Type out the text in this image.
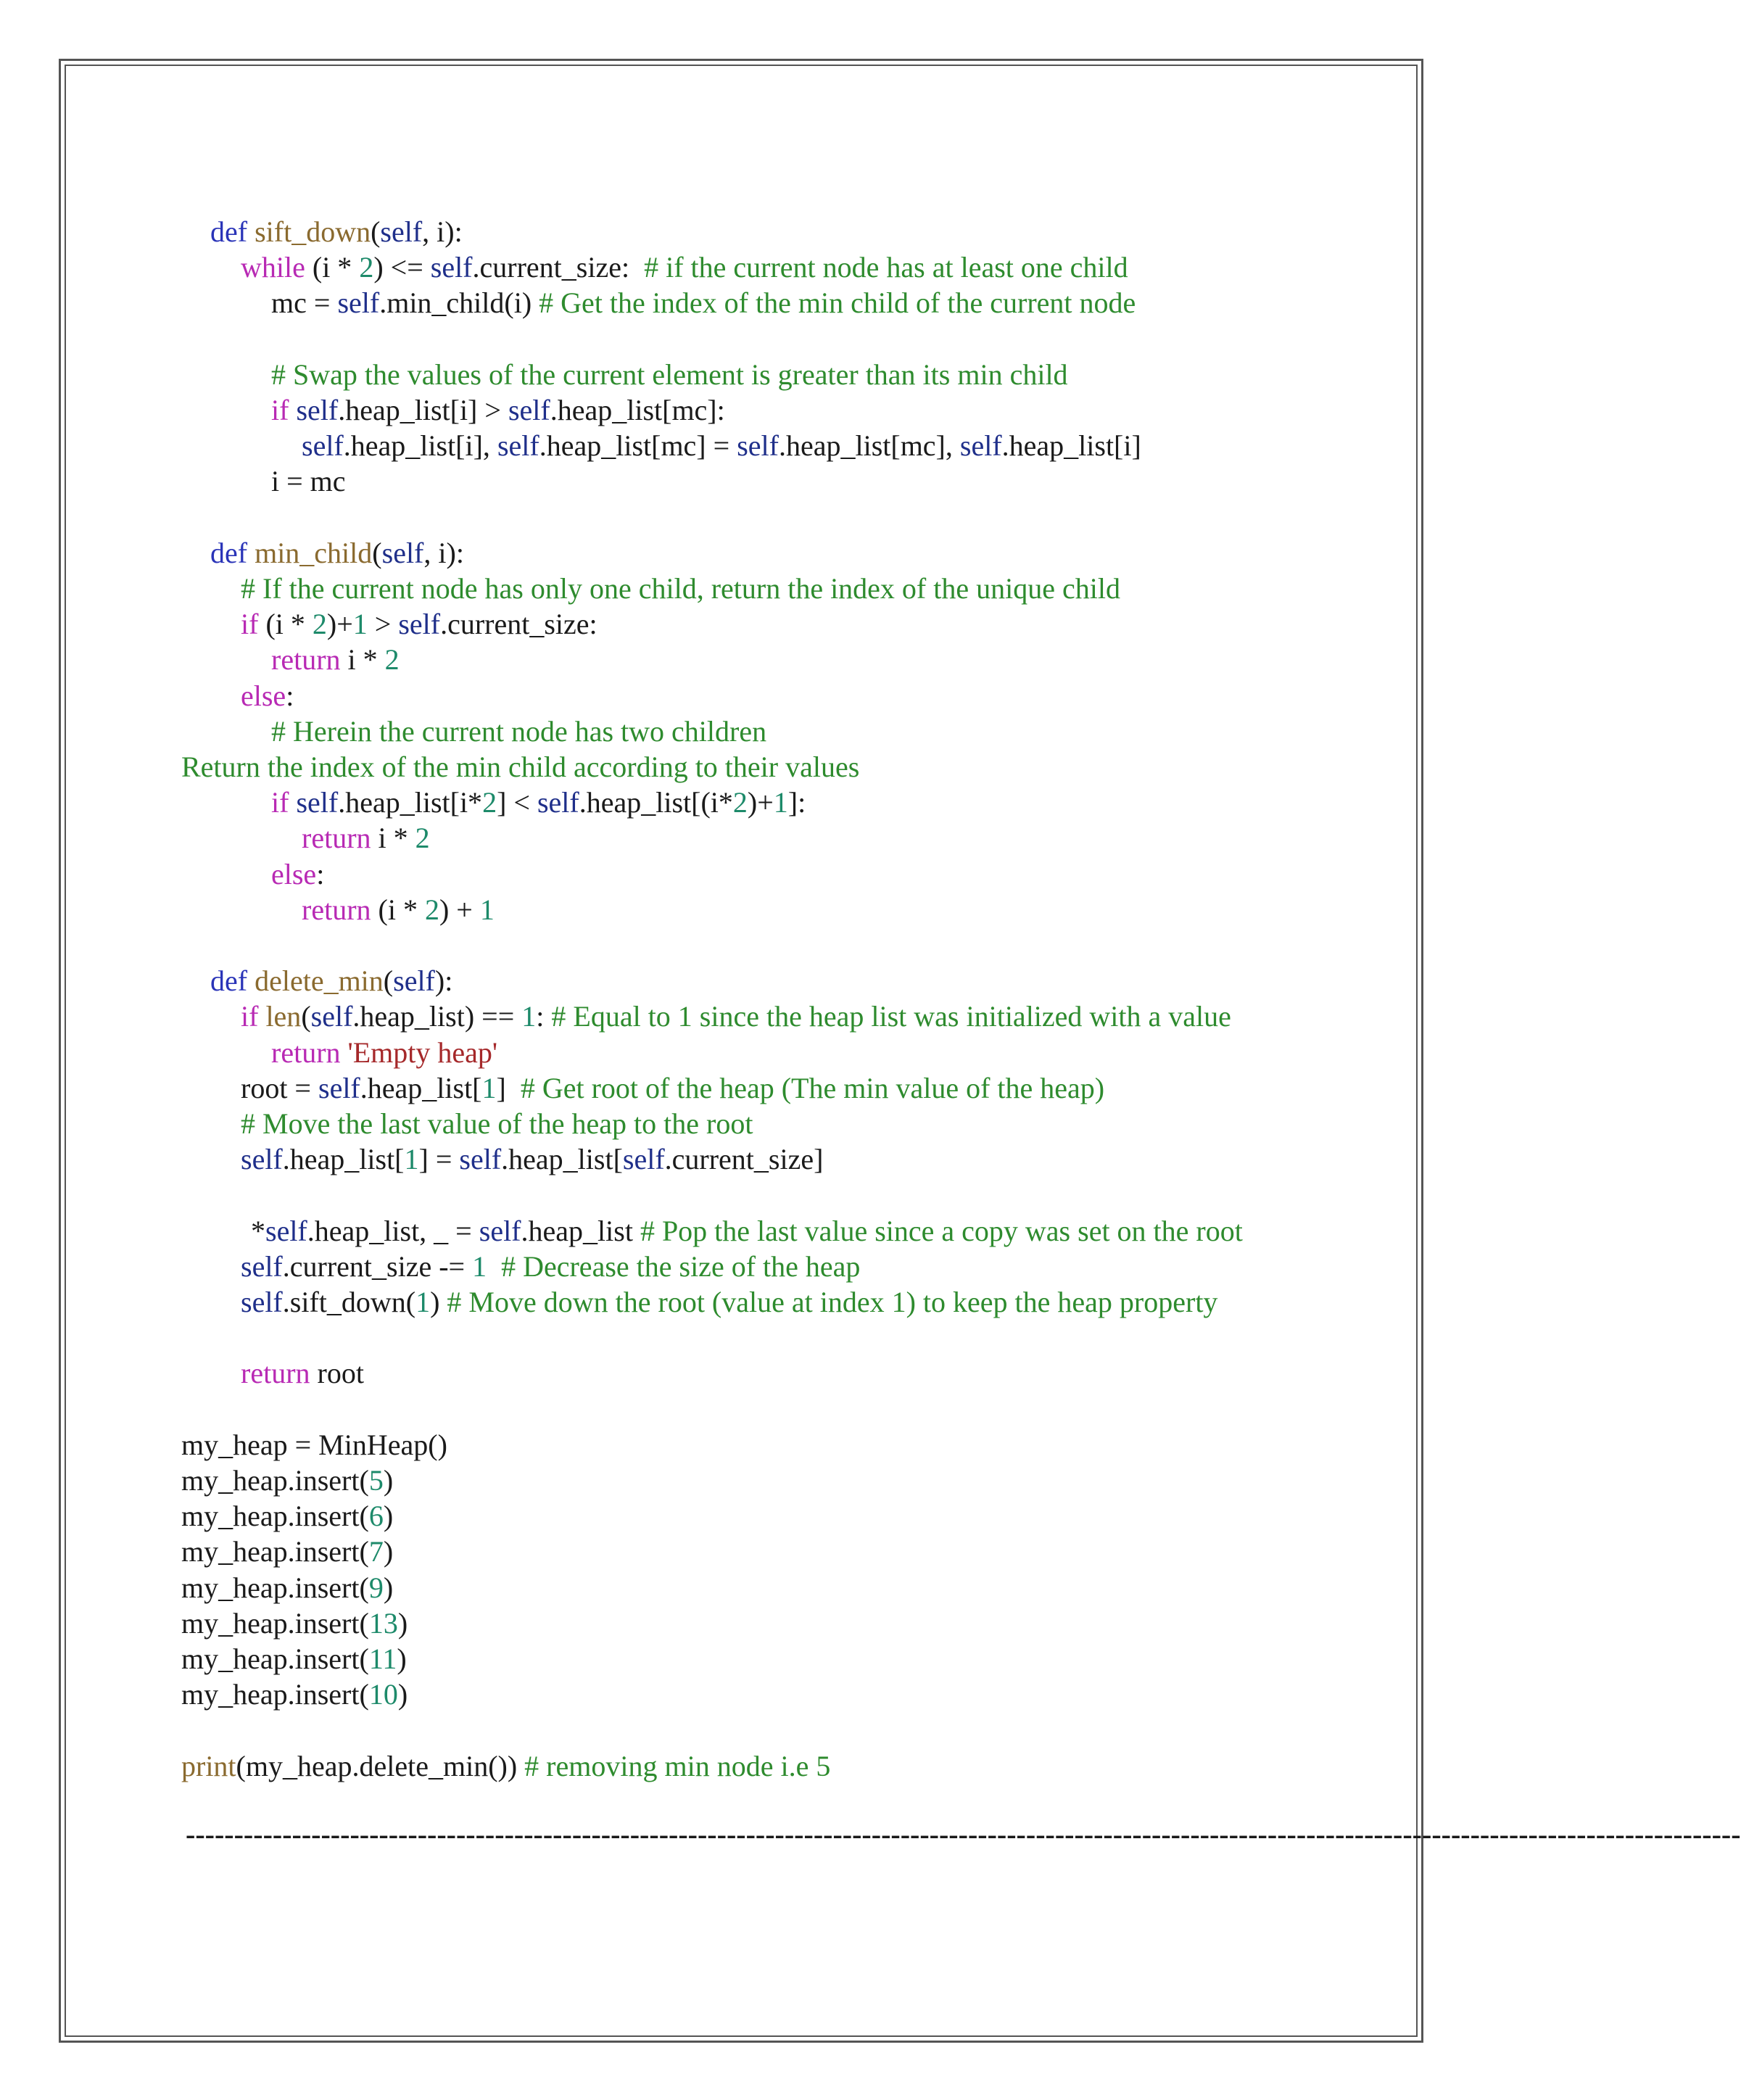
def sift_down(self, i):
while (i * 2) <= self.current_size:  # if the current node has at least one child
mc = self.min_child(i) # Get the index of the min child of the current node
# Swap the values of the current element is greater than its min child
if self.heap_list[i] > self.heap_list[mc]:
self.heap_list[i], self.heap_list[mc] = self.heap_list[mc], self.heap_list[i]
i = mc
def min_child(self, i):
# If the current node has only one child, return the index of the unique child
if (i * 2)+1 > self.current_size:
return i * 2
else:
# Herein the current node has two children
Return the index of the min child according to their values
if self.heap_list[i*2] < self.heap_list[(i*2)+1]:
return i * 2
else:
return (i * 2) + 1
def delete_min(self):
if len(self.heap_list) == 1: # Equal to 1 since the heap list was initialized with a value
return 'Empty heap'
root = self.heap_list[1]  # Get root of the heap (The min value of the heap)
# Move the last value of the heap to the root
self.heap_list[1] = self.heap_list[self.current_size]
*self.heap_list, _ = self.heap_list # Pop the last value since a copy was set on the root
self.current_size -= 1 # Decrease the size of the heap
self.sift_down(1) # Move down the root (value at index 1) to keep the heap property
return root
my_heap = MinHeap()
my_heap.insert(5)
my_heap.insert(6)
my_heap.insert(7)
my_heap.insert(9)
my_heap.insert(13)
my_heap.insert(11)
my_heap.insert(10)
print(my_heap.delete_min()) # removing min node i.e 5
-----------------------------------------------------------------------------------------------------------------------------------------------------------------
